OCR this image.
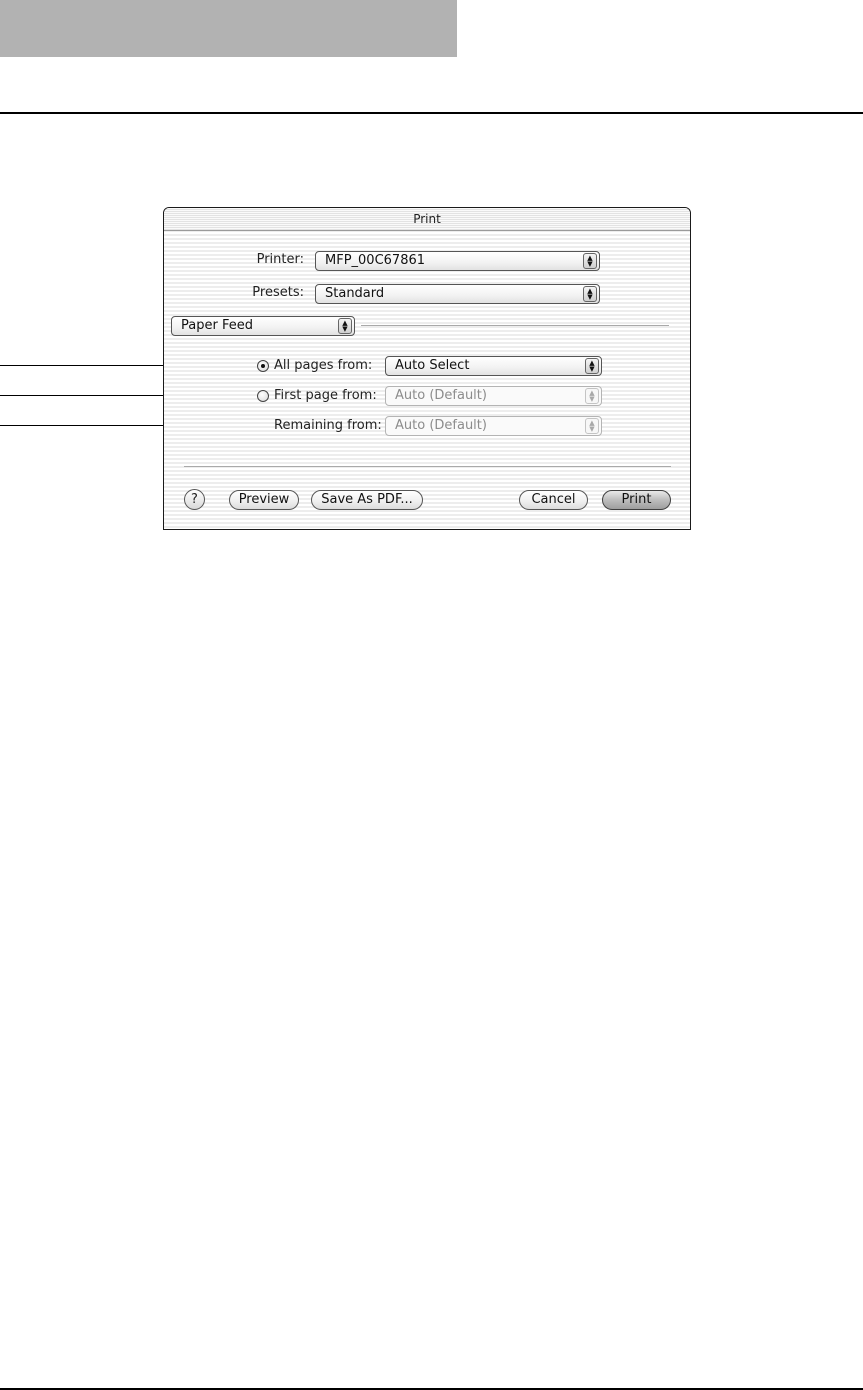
Print
Printer: MFP_00C67861	▲
▼
Presets: Standard	▲
▼
Paper Feed	▲
▼
All pages from: Auto Select	▲
▼
First page from: Auto (Default)	▲
▼
Remaining from: Auto (Default)	▲
▼
?	Preview	Save As PDF...	Cancel	Print
